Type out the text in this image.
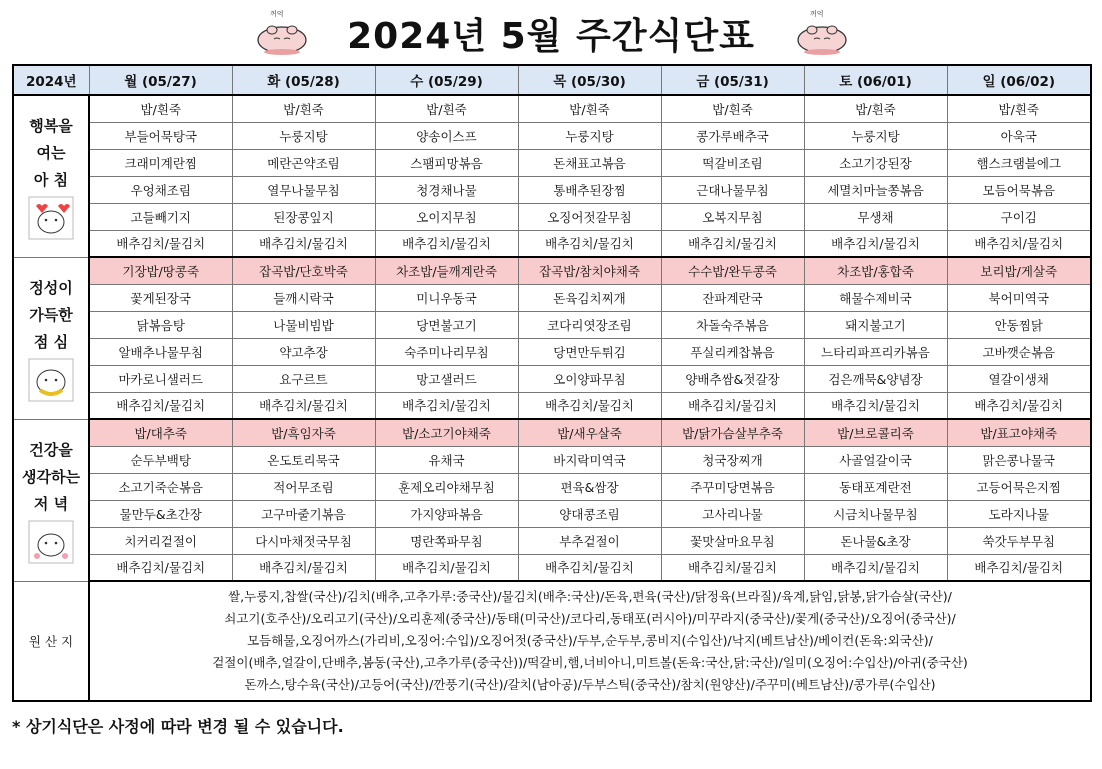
꺼억
2024년 5월 주간식단표
꺼억
2024년	월 (05/27)	화 (05/28)	수 (05/29)	목 (05/30)	금 (05/31)	토 (06/01)	일 (06/02)

행복을
여는
아 침	밥/흰죽	밥/흰죽	밥/흰죽	밥/흰죽	밥/흰죽	밥/흰죽	밥/흰죽
	부들어묵탕국	누룽지탕	양송이스프	누룽지탕	콩가루배추국	누룽지탕	아욱국
	크래미계란찜	메란곤약조림	스팸피망볶음	돈채표고볶음	떡갈비조림	소고기강된장	햄스크램블에그
	우엉채조림	열무나물무침	청경채나물	통배추된장찜	근대나물무침	세멸치마늘쫑볶음	모듬어묵볶음
	고들빼기지	된장콩잎지	오이지무침	오징어젓갈무침	오복지무침	무생채	구이김
	배추김치/물김치	배추김치/물김치	배추김치/물김치	배추김치/물김치	배추김치/물김치	배추김치/물김치	배추김치/물김치

정성이
가득한
점 심	기장밥/땅콩죽	잡곡밥/단호박죽	차조밥/들깨계란죽	잡곡밥/참치야채죽	수수밥/완두콩죽	차조밥/홍합죽	보리밥/게살죽
	꽃게된장국	들깨시락국	미니우동국	돈육김치찌개	잔파계란국	해물수제비국	북어미역국
	닭볶음탕	나물비빔밥	당면불고기	코다리엿장조림	차돌숙주볶음	돼지불고기	안동찜닭
	알배추나물무침	약고추장	숙주미나리무침	당면만두튀김	푸실리케찹볶음	느타리파프리카볶음	고바깻순볶음
	마카로니샐러드	요구르트	망고샐러드	오이양파무침	양배추쌈&젓갈장	검은깨묵&양념장	열갈이생채
	배추김치/물김치	배추김치/물김치	배추김치/물김치	배추김치/물김치	배추김치/물김치	배추김치/물김치	배추김치/물김치

건강을
생각하는
저 녁	밥/대추죽	밥/흑임자죽	밥/소고기야채죽	밥/새우살죽	밥/닭가슴살부추죽	밥/브로콜리죽	밥/표고야채죽
	순두부백탕	온도토리묵국	유채국	바지락미역국	청국장찌개	사골얼갈이국	맑은콩나물국
	소고기죽순볶음	적어무조림	훈제오리야채무침	편육&쌈장	주꾸미당면볶음	동태포계란전	고등어묵은지찜
	물만두&초간장	고구마줄기볶음	가지양파볶음	양대콩조림	고사리나물	시금치나물무침	도라지나물
	치커리겉절이	다시마채젓국무침	명란쪽파무침	부추겉절이	꽃맛살마요무침	돈나물&초장	쑥갓두부무침
	배추김치/물김치	배추김치/물김치	배추김치/물김치	배추김치/물김치	배추김치/물김치	배추김치/물김치	배추김치/물김치
원 산 지	쌀,누룽지,찹쌀(국산)/김치(배추,고추가루:중국산)/물김치(배추:국산)/돈육,편육(국산)/닭정육(브라질)/육계,닭임,닭봉,닭가슴살(국산)/
쇠고기(호주산)/오리고기(국산)/오리훈제(중국산)/동태(미국산)/코다리,동태포(러시아)/미꾸라지(중국산)/꽃게(중국산)/오징어(중국산)/
모듬해물,오징어까스(가리비,오징어:수입)/오징어젓(중국산)/두부,순두부,콩비지(수입산)/낙지(베트남산)/베이컨(돈육:외국산)/
겉절이(배추,얼갈이,단배추,봄동(국산),고추가루(중국산))/떡갈비,햄,너비아니,미트볼(돈육:국산,닭:국산)/일미(오징어:수입산)/아귀(중국산)
돈까스,탕수육(국산)/고등어(국산)/깐풍기(국산)/갈치(남아공)/두부스틱(중국산)/참치(원양산)/주꾸미(베트남산)/콩가루(수입산)						
* 상기식단은 사정에 따라 변경 될 수 있습니다.
